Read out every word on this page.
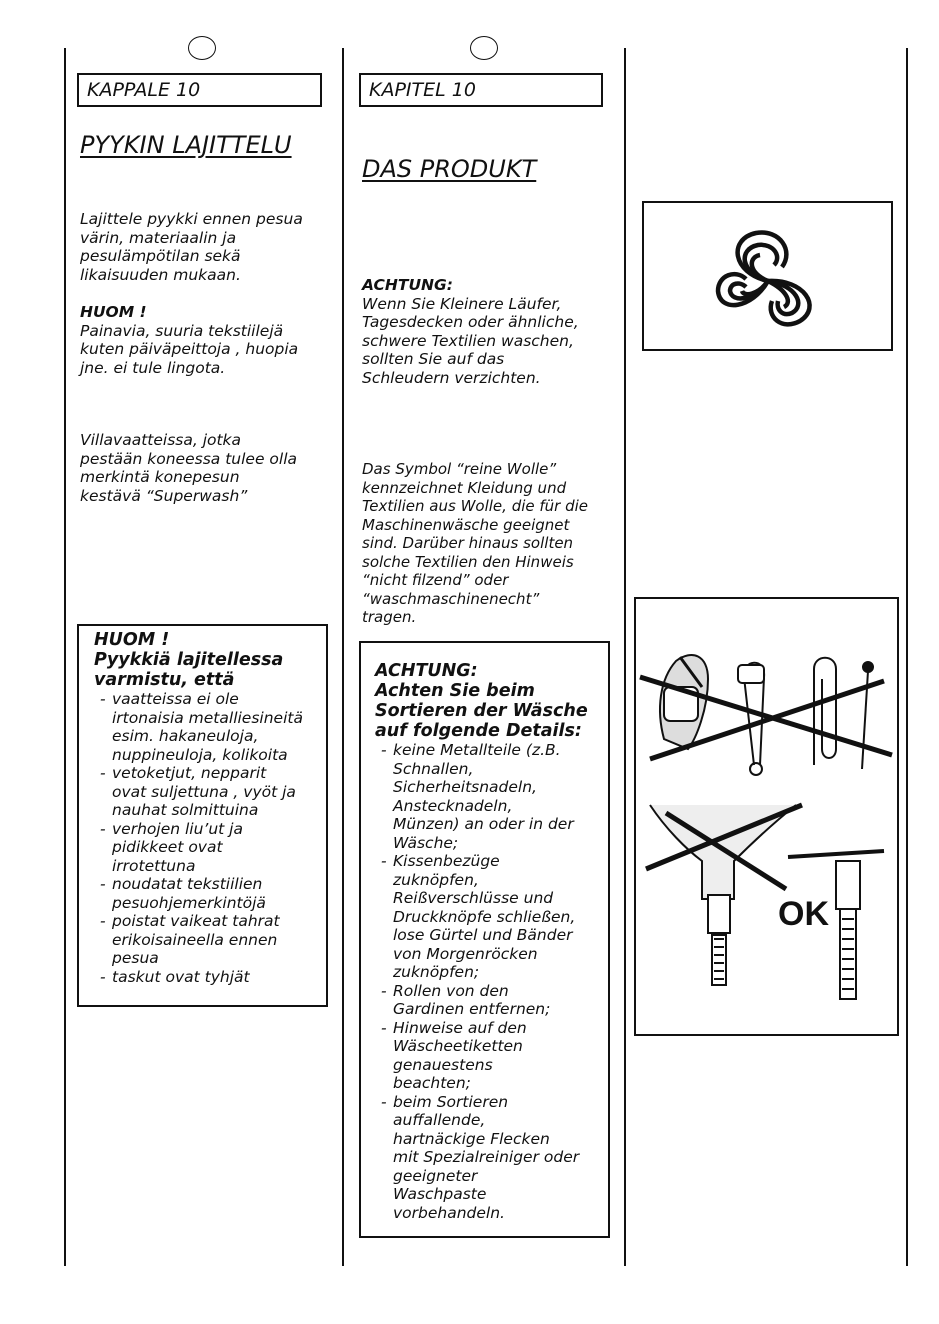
KAPPALE 10
PYYKIN LAJITTELU

Lajittele pyykki ennen pesua

värin, materiaalin ja

pesulämpötilan sekä

likaisuuden mukaan.

HUOM !

Painavia, suuria tekstiilejä

kuten päiväpeittoja , huopia

jne. ei tule lingota.

Villavaatteissa, jotka

pestään koneessa tulee olla

merkintä konepesun

kestävä “Superwash”

HUOM !
Pyykkiä lajitellessa
varmistu, että
- vaatteissa ei ole
irtonaisia metalliesineitä
esim. hakaneuloja,
nuppineuloja, kolikoita
- vetoketjut, nepparit
ovat suljettuna , vyöt ja
nauhat solmittuina
- verhojen liu’ut ja
pidikkeet ovat
irrotettuna
- noudatat tekstiilien
pesuohjemerkintöjä
- poistat vaikeat tahrat
erikoisaineella ennen
pesua
- taskut ovat tyhjät
KAPITEL 10
DAS PRODUKT

ACHTUNG:

Wenn Sie Kleinere Läufer,

Tagesdecken oder ähnliche,

schwere Textilien waschen,

sollten Sie auf das

Schleudern verzichten.

Das Symbol “reine Wolle”

kennzeichnet Kleidung und

Textilien aus Wolle, die für die

Maschinenwäsche geeignet

sind. Darüber hinaus sollten

solche Textilien den Hinweis

“nicht filzend” oder

“waschmaschinenecht”

tragen.

ACHTUNG:
Achten Sie beim
Sortieren der Wäsche
auf folgende Details:
- keine Metallteile (z.B.
Schnallen,
Sicherheitsnadeln,
Anstecknadeln,
Münzen) an oder in der
Wäsche;
- Kissenbezüge
zuknöpfen,
Reißverschlüsse und
Druckknöpfe schließen,
lose Gürtel und Bänder
von Morgenröcken
zuknöpfen;
- Rollen von den
Gardinen entfernen;
- Hinweise auf den
Wäscheetiketten
genauestens
beachten;
- beim Sortieren
auffallende,
hartnäckige Flecken
mit Spezialreiniger oder
geeigneter
Waschpaste
vorbehandeln.
OK
